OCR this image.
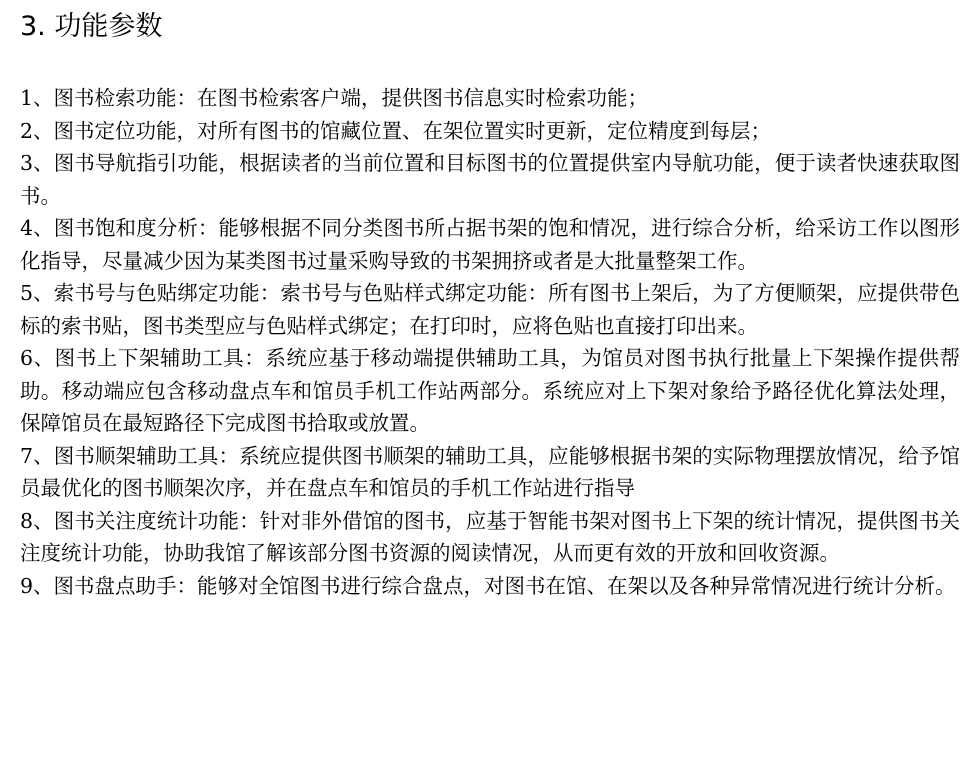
3. 功能参数

1、图书检索功能：在图书检索客户端，提供图书信息实时检索功能；

2、图书定位功能，对所有图书的馆藏位置、在架位置实时更新，定位精度到每层；

3、图书导航指引功能，根据读者的当前位置和目标图书的位置提供室内导航功能，便于读者快速获取图书。

4、图书饱和度分析：能够根据不同分类图书所占据书架的饱和情况，进行综合分析，给采访工作以图形化指导，尽量减少因为某类图书过量采购导致的书架拥挤或者是大批量整架工作。

5、索书号与色贴绑定功能：索书号与色贴样式绑定功能：所有图书上架后，为了方便顺架，应提供带色标的索书贴，图书类型应与色贴样式绑定；在打印时，应将色贴也直接打印出来。

6、图书上下架辅助工具：系统应基于移动端提供辅助工具，为馆员对图书执行批量上下架操作提供帮助。移动端应包含移动盘点车和馆员手机工作站两部分。系统应对上下架对象给予路径优化算法处理，保障馆员在最短路径下完成图书拾取或放置。

7、图书顺架辅助工具：系统应提供图书顺架的辅助工具，应能够根据书架的实际物理摆放情况，给予馆员最优化的图书顺架次序，并在盘点车和馆员的手机工作站进行指导

8、图书关注度统计功能：针对非外借馆的图书，应基于智能书架对图书上下架的统计情况，提供图书关注度统计功能，协助我馆了解该部分图书资源的阅读情况，从而更有效的开放和回收资源。

9、图书盘点助手：能够对全馆图书进行综合盘点，对图书在馆、在架以及各种异常情况进行统计分析。
